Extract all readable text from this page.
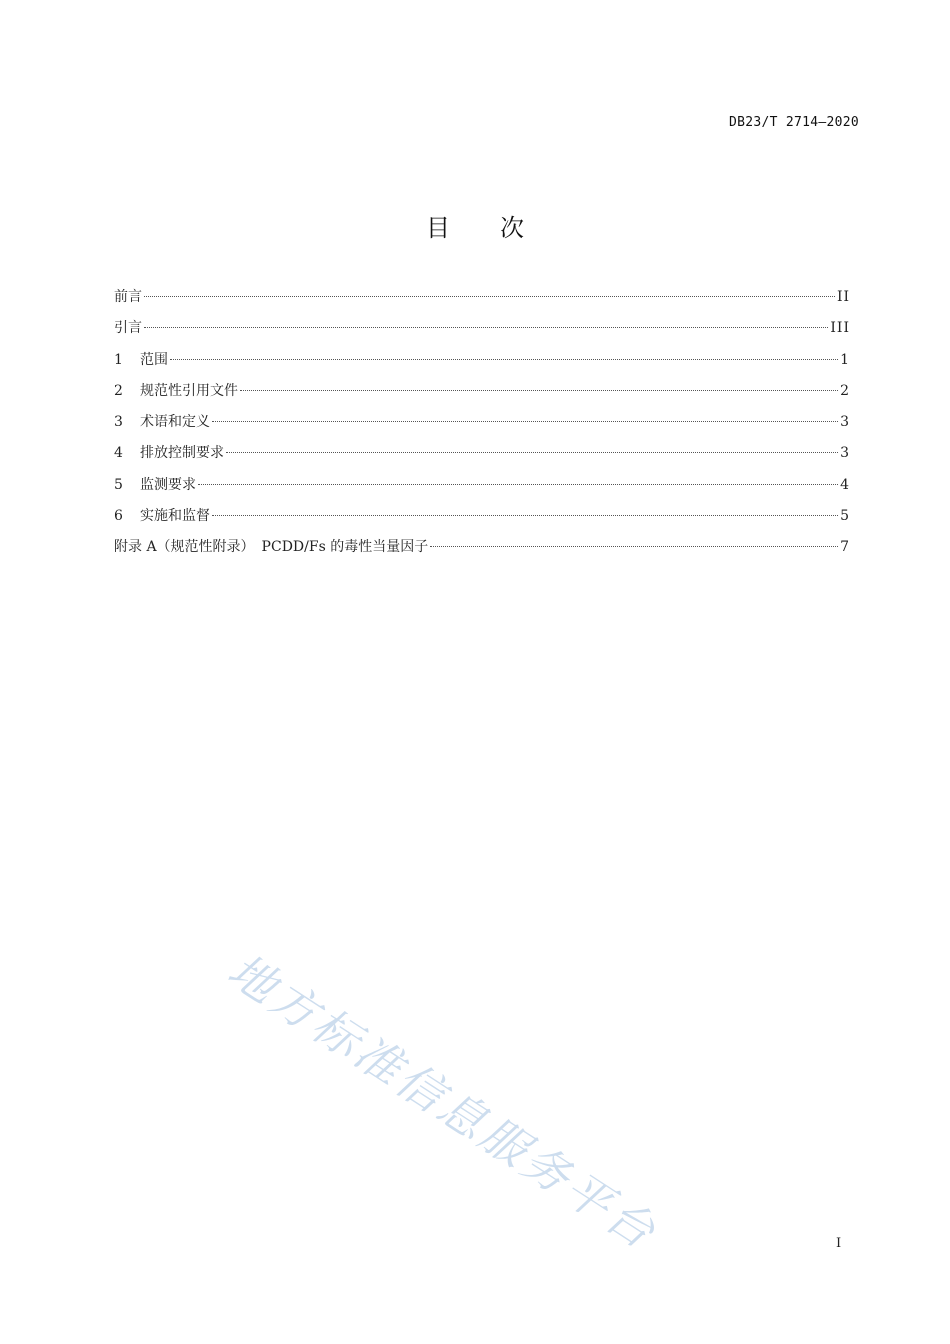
DB23/T 2714—2020
目 次
前言	II
引言	III
1	范围	1
2	规范性引用文件	2
3	术语和定义	3
4	排放控制要求	3
5	监测要求	4
6	实施和监督	5
附录 A（规范性附录）　PCDD/Fs 的毒性当量因子	7
地方标准信息服务平台	I
